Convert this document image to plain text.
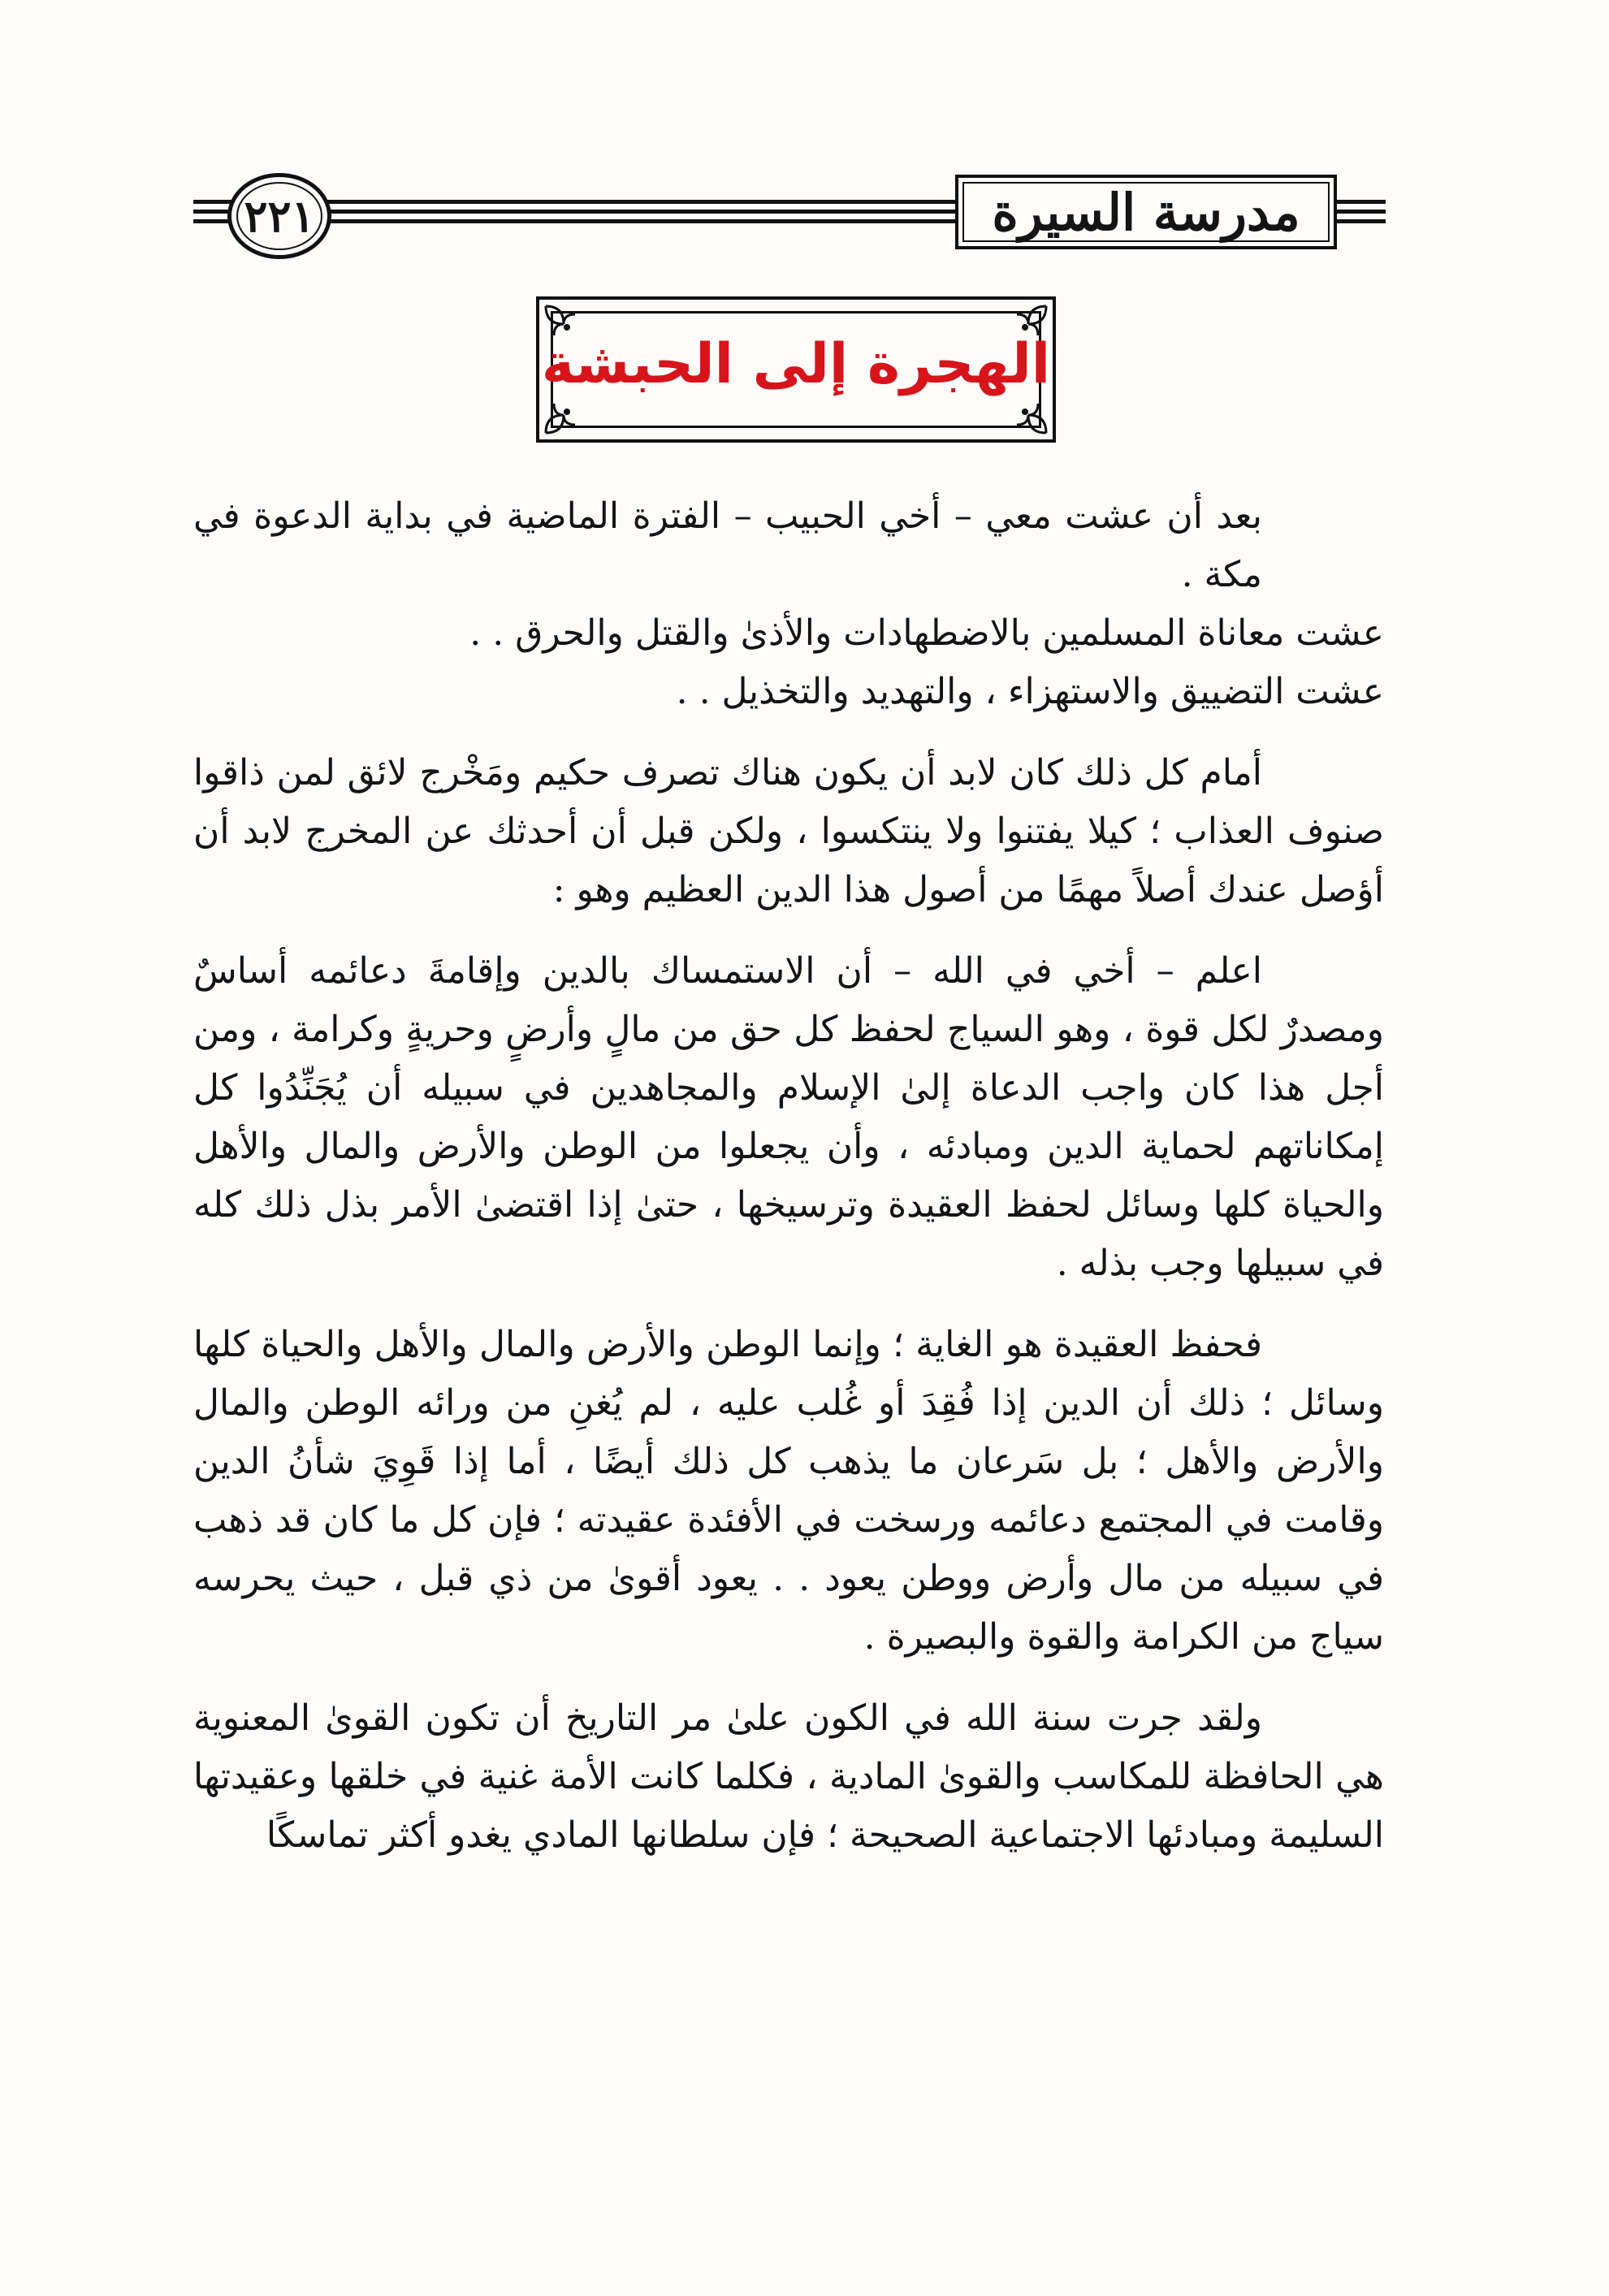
٢٢١	مدرسة السيرة
الهجرة إلى الحبشة

بعد أن عشت معي – أخي الحبيب – الفترة الماضية في بداية الدعوة في مكة .
عشت معاناة المسلمين بالاضطهادات والأذىٰ والقتل والحرق . .
عشت التضييق والاستهزاء ، والتهديد والتخذيل . .

أمام كل ذلك كان لابد أن يكون هناك تصرف حكيم ومَخْرج لائق لمن ذاقوا صنوف العذاب ؛ كيلا يفتنوا ولا ينتكسوا ، ولكن قبل أن أحدثك عن المخرج لابد أن أؤصل عندك أصلاً مهمًا من أصول هذا الدين العظيم وهو :

اعلم – أخي في الله – أن الاستمساك بالدين وإقامةَ دعائمه أساسٌ ومصدرٌ لكل قوة ، وهو السياج لحفظ كل حق من مالٍ وأرضٍ وحريةٍ وكرامة ، ومن أجل هذا كان واجب الدعاة إلىٰ الإسلام والمجاهدين في سبيله أن يُجَنِّدُوا كل إمكاناتهم لحماية الدين ومبادئه ، وأن يجعلوا من الوطن والأرض والمال والأهل والحياة كلها وسائل لحفظ العقيدة وترسيخها ، حتىٰ إذا اقتضىٰ الأمر بذل ذلك كله في سبيلها وجب بذله .

فحفظ العقيدة هو الغاية ؛ وإنما الوطن والأرض والمال والأهل والحياة كلها وسائل ؛ ذلك أن الدين إذا فُقِدَ أو غُلب عليه ، لم يُغنِ من ورائه الوطن والمال والأرض والأهل ؛ بل سَرعان ما يذهب كل ذلك أيضًا ، أما إذا قَوِيَ شأنُ الدين وقامت في المجتمع دعائمه ورسخت في الأفئدة عقيدته ؛ فإن كل ما كان قد ذهب في سبيله من مال وأرض ووطن يعود . . يعود أقوىٰ من ذي قبل ، حيث يحرسه سياج من الكرامة والقوة والبصيرة .

ولقد جرت سنة الله في الكون علىٰ مر التاريخ أن تكون القوىٰ المعنوية هي الحافظة للمكاسب والقوىٰ المادية ، فكلما كانت الأمة غنية في خلقها وعقيدتها السليمة ومبادئها الاجتماعية الصحيحة ؛ فإن سلطانها المادي يغدو أكثر تماسكًا
